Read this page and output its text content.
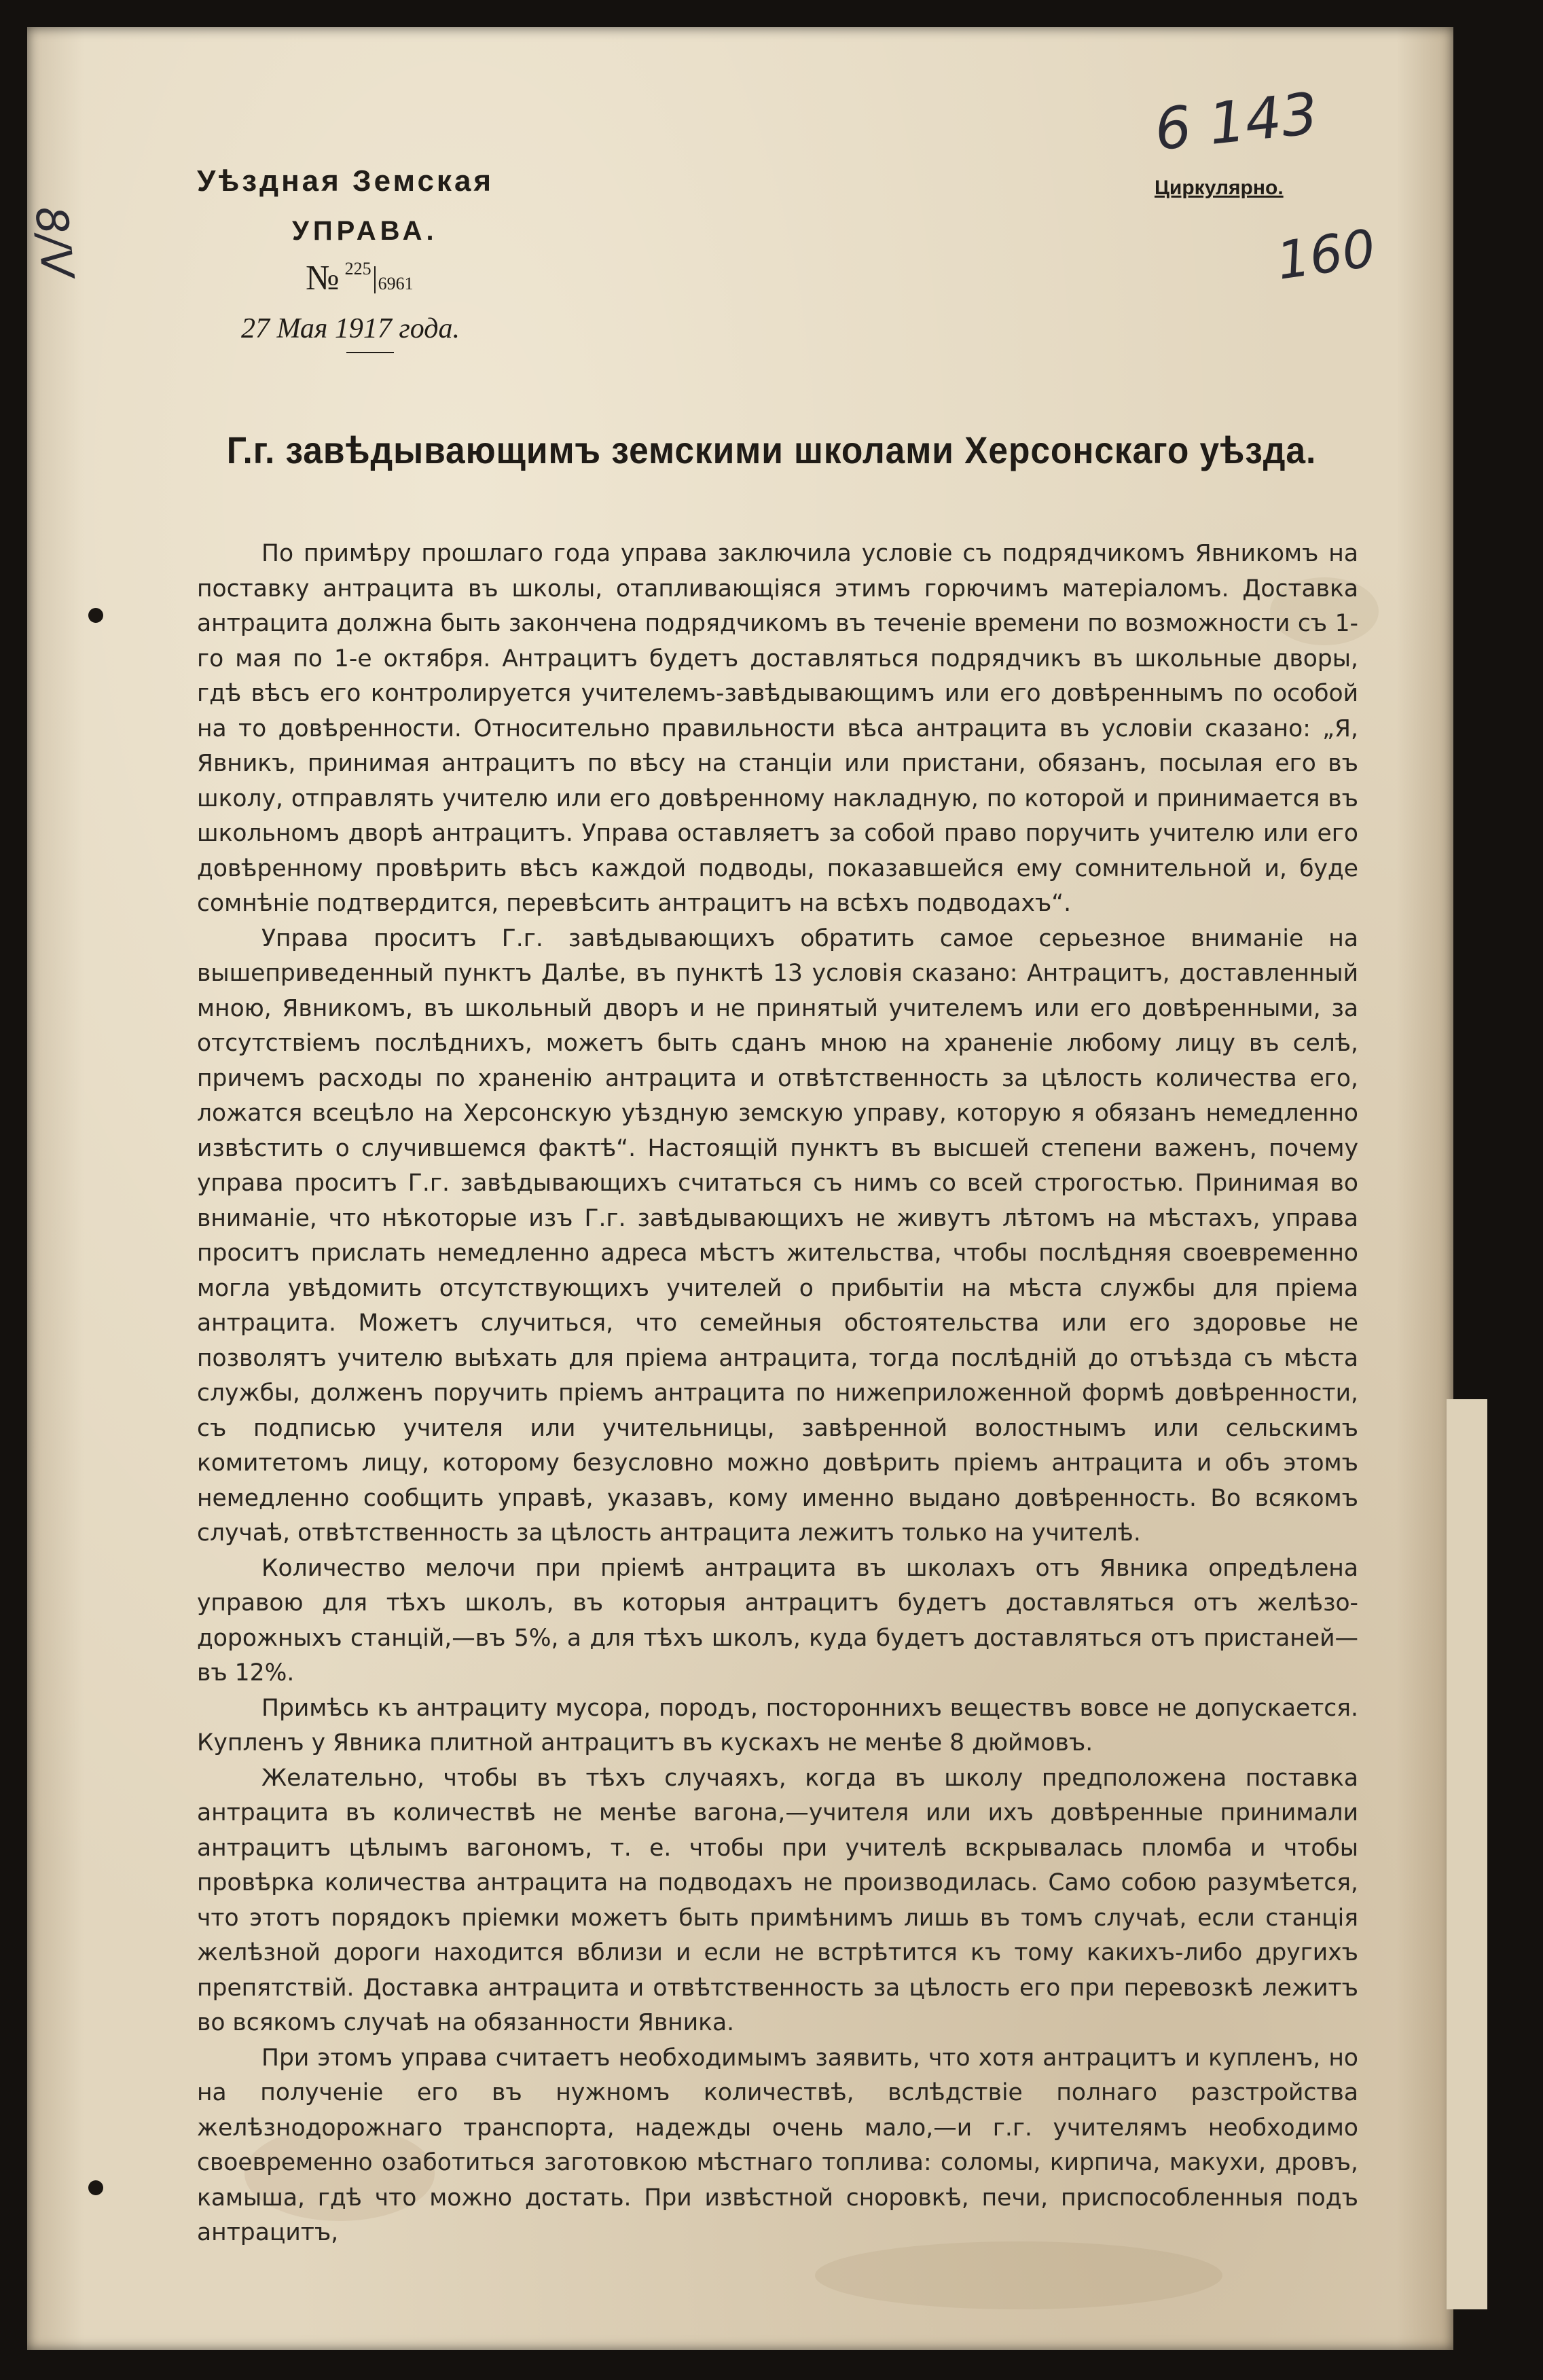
Уѣздная Земская
УПРАВА.
№ $^{225}$6961
27 Мая 1917 года.
Циркулярно.
6 143
160
8/V
Г.г. завѣдывающимъ земскими школами Херсонскаго уѣзда.

По примѣру прошлаго года управа заключила условіе съ подрядчикомъ Явникомъ на поставку антрацита въ школы, отапливающіяся этимъ горючимъ матеріаломъ. Доставка антрацита должна быть закончена подрядчикомъ въ теченіе времени по возможности съ 1-го мая по 1-е октября. Антрацитъ будетъ доставляться подрядчикъ въ школьные дворы, гдѣ вѣсъ его контролируется учителемъ-завѣдывающимъ или его довѣреннымъ по особой на то довѣренности. Относительно правильности вѣса антрацита въ условіи сказано: „Я, Явникъ, принимая антрацитъ по вѣсу на станціи или пристани, обязанъ, посылая его въ школу, отправлять учителю или его довѣренному накладную, по которой и принимается въ школьномъ дворѣ антрацитъ. Управа оставляетъ за собой право поручить учителю или его довѣренному провѣрить вѣсъ каждой подводы, показавшейся ему сомнительной и, буде сомнѣніе подтвердится, перевѣсить антрацитъ на всѣхъ подводахъ“.

Управа проситъ Г.г. завѣдывающихъ обратить самое серьезное вниманіе на вышеприведенный пунктъ Далѣе, въ пунктѣ 13 условія сказано: Антрацитъ, доставленный мною, Явникомъ, въ школьный дворъ и не принятый учителемъ или его довѣренными, за отсутствіемъ послѣднихъ, можетъ быть сданъ мною на храненіе любому лицу въ селѣ, причемъ расходы по храненію антрацита и отвѣтственность за цѣлость количества его, ложатся всецѣло на Херсонскую уѣздную земскую управу, которую я обязанъ немедленно извѣстить о случившемся фактѣ“. Настоящій пунктъ въ высшей степени важенъ, почему управа проситъ Г.г. завѣдывающихъ считаться съ нимъ со всей строгостью. Принимая во вниманіе, что нѣкоторые изъ Г.г. завѣдывающихъ не живутъ лѣтомъ на мѣстахъ, управа проситъ прислать немедленно адреса мѣстъ жительства, чтобы послѣдняя своевременно могла увѣдомить отсутствующихъ учителей о прибытіи на мѣста службы для пріема антрацита. Можетъ случиться, что семейныя обстоятельства или его здоровье не позволятъ учителю выѣхать для пріема антрацита, тогда послѣдній до отъѣзда съ мѣста службы, долженъ поручить пріемъ антрацита по нижеприложенной формѣ довѣренности, съ подписью учителя или учительницы, завѣренной волостнымъ или сельскимъ комитетомъ лицу, которому безусловно можно довѣрить пріемъ антрацита и объ этомъ немедленно сообщить управѣ, указавъ, кому именно выдано довѣренность. Во всякомъ случаѣ, отвѣтственность за цѣлость антрацита лежитъ только на учителѣ.

Количество мелочи при пріемѣ антрацита въ школахъ отъ Явника опредѣлена управою для тѣхъ школъ, въ которыя антрацитъ будетъ доставляться отъ желѣзо-дорожныхъ станцій,—въ 5%, а для тѣхъ школъ, куда будетъ доставляться отъ пристаней—въ 12%.

Примѣсь къ антрациту мусора, породъ, постороннихъ веществъ вовсе не допускается. Купленъ у Явника плитной антрацитъ въ кускахъ не менѣе 8 дюймовъ.

Желательно, чтобы въ тѣхъ случаяхъ, когда въ школу предположена поставка антрацита въ количествѣ не менѣе вагона,—учителя или ихъ довѣренные принимали антрацитъ цѣлымъ вагономъ, т. е. чтобы при учителѣ вскрывалась пломба и чтобы провѣрка количества антрацита на подводахъ не производилась. Само собою разумѣется, что этотъ порядокъ пріемки можетъ быть примѣнимъ лишь въ томъ случаѣ, если станція желѣзной дороги находится вблизи и если не встрѣтится къ тому какихъ-либо другихъ препятствій. Доставка антрацита и отвѣтственность за цѣлость его при перевозкѣ лежитъ во всякомъ случаѣ на обязанности Явника.

При этомъ управа считаетъ необходимымъ заявить, что хотя антрацитъ и купленъ, но на полученіе его въ нужномъ количествѣ, вслѣдствіе полнаго разстройства желѣзнодорожнаго транспорта, надежды очень мало,—и г.г. учителямъ необходимо своевременно озаботиться заготовкою мѣстнаго топлива: соломы, кирпича, макухи, дровъ, камыша, гдѣ что можно достать. При извѣстной сноровкѣ, печи, приспособленныя подъ антрацитъ,
